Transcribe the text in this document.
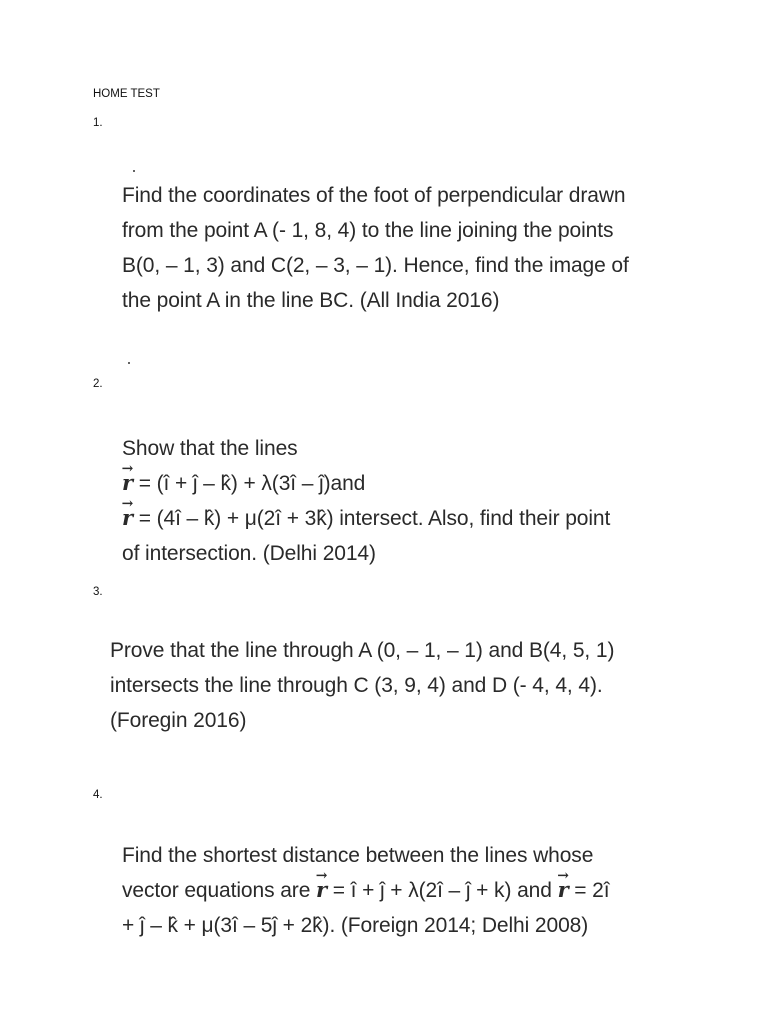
HOME TEST

1.

Find the coordinates of the foot of perpendicular drawn from the point A (- 1, 8, 4) to the line joining the points B(0, – 1, 3) and C(2, – 3, – 1). Hence, find the image of the point A in the line BC. (All India 2016)

2.

Show that the lines
→ r = (î + ĵ – k̂) + λ(3î – ĵ)and
→ r = (4î – k̂) + μ(2î + 3k̂) intersect. Also, find their point
of intersection. (Delhi 2014)

3.

Prove that the line through A (0, – 1, – 1) and B(4, 5, 1) intersects the line through C (3, 9, 4) and D (- 4, 4, 4). (Foregin 2016)

4.

Find the shortest distance between the lines whose
vector equations are → r = î + ĵ + λ(2î – ĵ + k) and → r = 2î
+ ĵ – k̂ + μ(3î – 5ĵ + 2k̂). (Foreign 2014; Delhi 2008)
